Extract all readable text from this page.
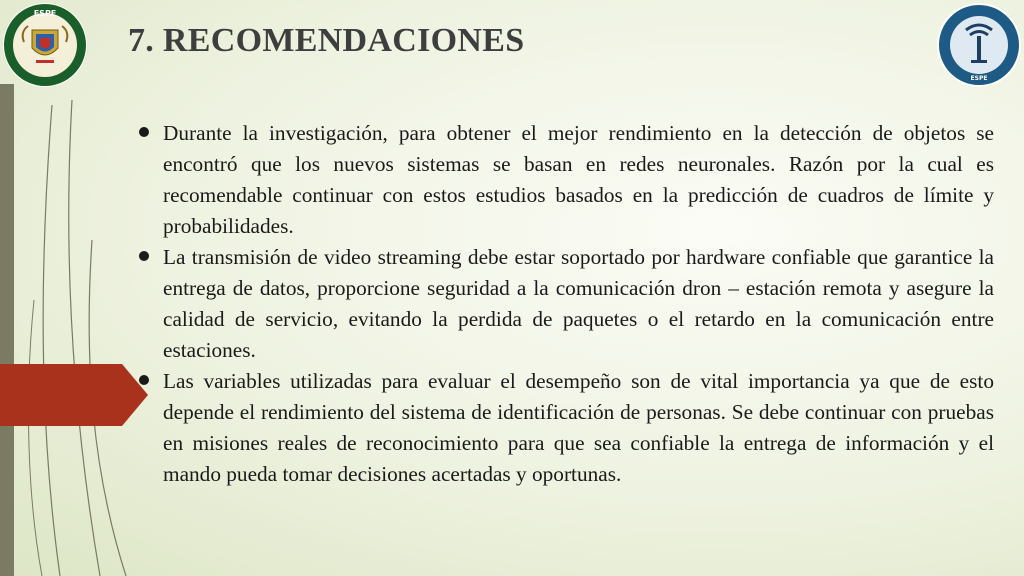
ESPE
ESPE
7. RECOMENDACIONES
Durante la investigación, para obtener el mejor rendimiento en la detección de objetos se encontró que los nuevos sistemas se basan en redes neuronales. Razón por la cual es recomendable continuar con estos estudios basados en la predicción de cuadros de límite y probabilidades.
La transmisión de video streaming debe estar soportado por hardware confiable que garantice la entrega de datos, proporcione seguridad a la comunicación dron – estación remota y asegure la calidad de servicio, evitando la perdida de paquetes o el retardo en la comunicación entre estaciones.
Las variables utilizadas para evaluar el desempeño son de vital importancia ya que de esto depende el rendimiento del sistema de identificación de personas. Se debe continuar con pruebas en misiones reales de reconocimiento para que sea confiable la entrega de información y el mando pueda tomar decisiones acertadas y oportunas.
